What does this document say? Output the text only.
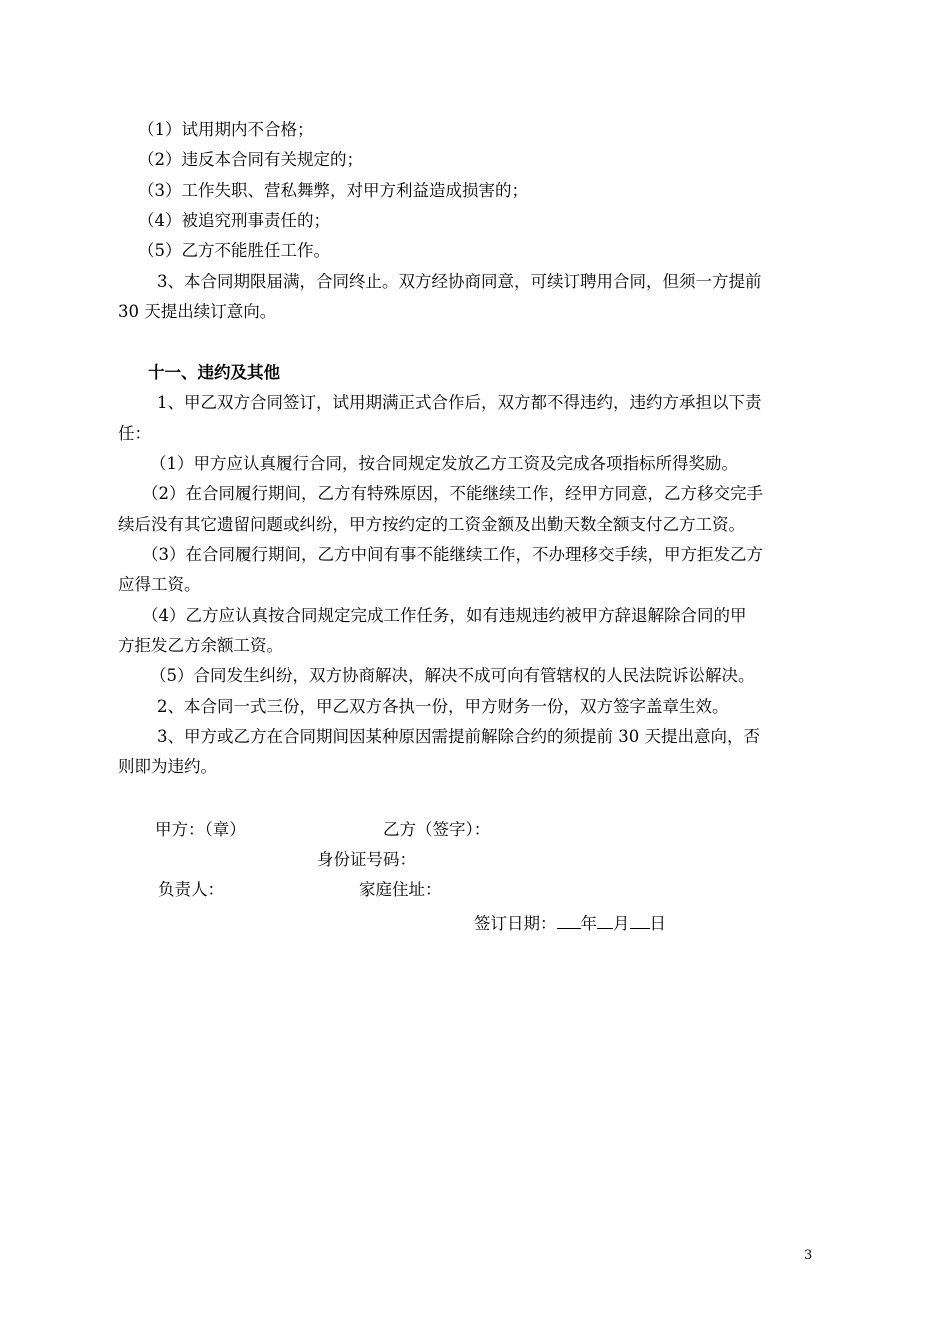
（1）试用期内不合格；
（2）违反本合同有关规定的；
（3）工作失职、营私舞弊，对甲方利益造成损害的；
（4）被追究刑事责任的；
（5）乙方不能胜任工作。
3、本合同期限届满，合同终止。双方经协商同意，可续订聘用合同，但须一方提前
30 天提出续订意向。
十一、违约及其他
1、甲乙双方合同签订，试用期满正式合作后，双方都不得违约，违约方承担以下责
任：
（1）甲方应认真履行合同，按合同规定发放乙方工资及完成各项指标所得奖励。
（2）在合同履行期间，乙方有特殊原因，不能继续工作，经甲方同意，乙方移交完手
续后没有其它遗留问题或纠纷，甲方按约定的工资金额及出勤天数全额支付乙方工资。
（3）在合同履行期间，乙方中间有事不能继续工作，不办理移交手续，甲方拒发乙方
应得工资。
（4）乙方应认真按合同规定完成工作任务，如有违规违约被甲方辞退解除合同的甲
方拒发乙方余额工资。
（5）合同发生纠纷，双方协商解决，解决不成可向有管辖权的人民法院诉讼解决。
2、本合同一式三份，甲乙双方各执一份，甲方财务一份，双方签字盖章生效。
3、甲方或乙方在合同期间因某种原因需提前解除合约的须提前 30 天提出意向，否
则即为违约。
甲方：（章）	乙方（签字）：
身份证号码：
负责人：	家庭住址：
签订日期： 年 月 日
3
